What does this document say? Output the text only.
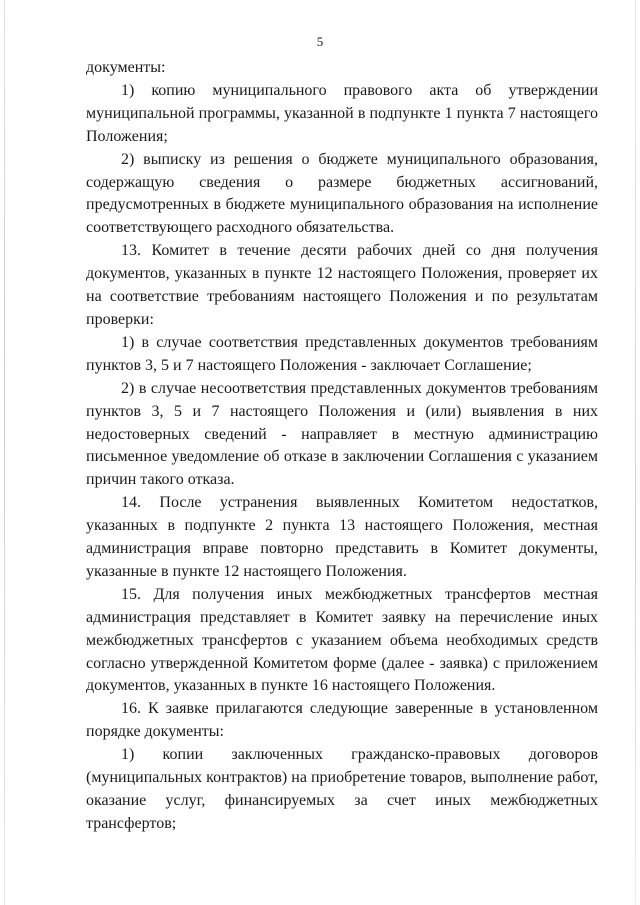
5

документы:

1) копию муниципального правового акта об утверждении муниципальной программы, указанной в подпункте 1 пункта 7 настоящего Положения;

2) выписку из решения о бюджете муниципального образования, содержащую сведения о размере бюджетных ассигнований, предусмотренных в бюджете муниципального образования на исполнение соответствующего расходного обязательства.

13. Комитет в течение десяти рабочих дней со дня получения документов, указанных в пункте 12 настоящего Положения, проверяет их на соответствие требованиям настоящего Положения и по результатам проверки:

1) в случае соответствия представленных документов требованиям пунктов 3, 5 и 7 настоящего Положения - заключает Соглашение;

2) в случае несоответствия представленных документов требованиям пунктов 3, 5 и 7 настоящего Положения и (или) выявления в них недостоверных сведений - направляет в местную администрацию письменное уведомление об отказе в заключении Соглашения с указанием причин такого отказа.

14. После устранения выявленных Комитетом недостатков, указанных в подпункте 2 пункта 13 настоящего Положения, местная администрация вправе повторно представить в Комитет документы, указанные в пункте 12 настоящего Положения.

15. Для получения иных межбюджетных трансфертов местная администрация представляет в Комитет заявку на перечисление иных межбюджетных трансфертов с указанием объема необходимых средств согласно утвержденной Комитетом форме (далее - заявка) с приложением документов, указанных в пункте 16 настоящего Положения.

16. К заявке прилагаются следующие заверенные в установленном порядке документы:

1) копии заключенных гражданско-правовых договоров (муниципальных контрактов) на приобретение товаров, выполнение работ, оказание услуг, финансируемых за счет иных межбюджетных трансфертов;
